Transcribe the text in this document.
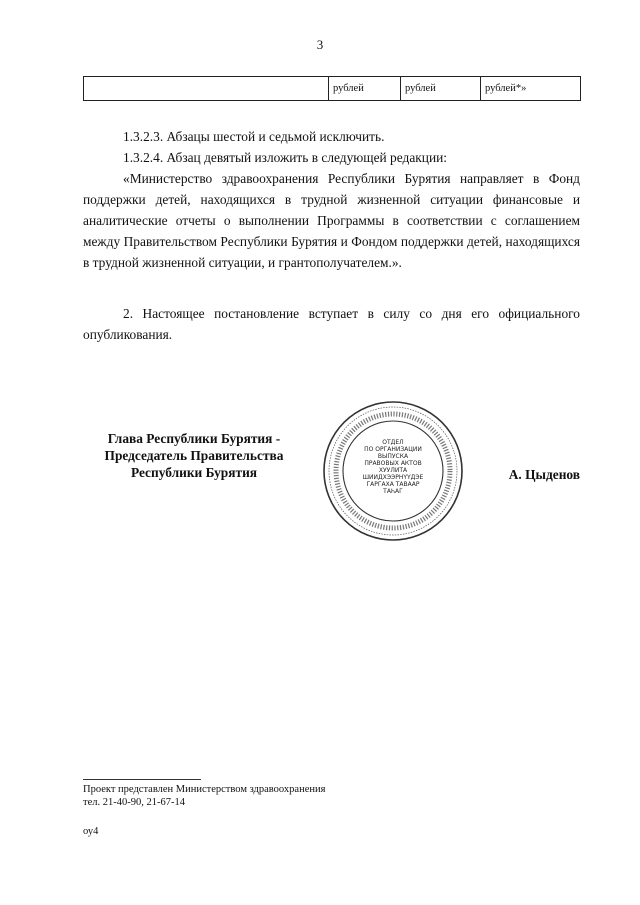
3
	рублей	рублей	рублей*»

1.3.2.3. Абзацы шестой и седьмой исключить.

1.3.2.4. Абзац девятый изложить в следующей редакции:

«Министерство здравоохранения Республики Бурятия направляет в Фонд поддержки детей, находящихся в трудной жизненной ситуации финансовые и аналитические отчеты о выполнении Программы в соответствии с соглашением между Правительством Республики Бурятия и Фондом поддержки детей, находящихся в трудной жизненной ситуации, и грантополучателем.».

2. Настоящее постановление вступает в силу со дня его официального опубликования.

Глава Республики Бурятия -
Председатель Правительства
Республики Бурятия
ОТДЕЛ
ПО ОРГАНИЗАЦИИ
ВЫПУСКА
ПРАВОВЫХ АКТОВ
ХУУЛИТА
ШИИДХЭЭРНҮҮДЭЕ
ГАРГАХА ТАВААР
ТАҺАГ
А. Цыденов
Проект представлен Министерством здравоохранения
тел. 21-40-90, 21-67-14
оу4
